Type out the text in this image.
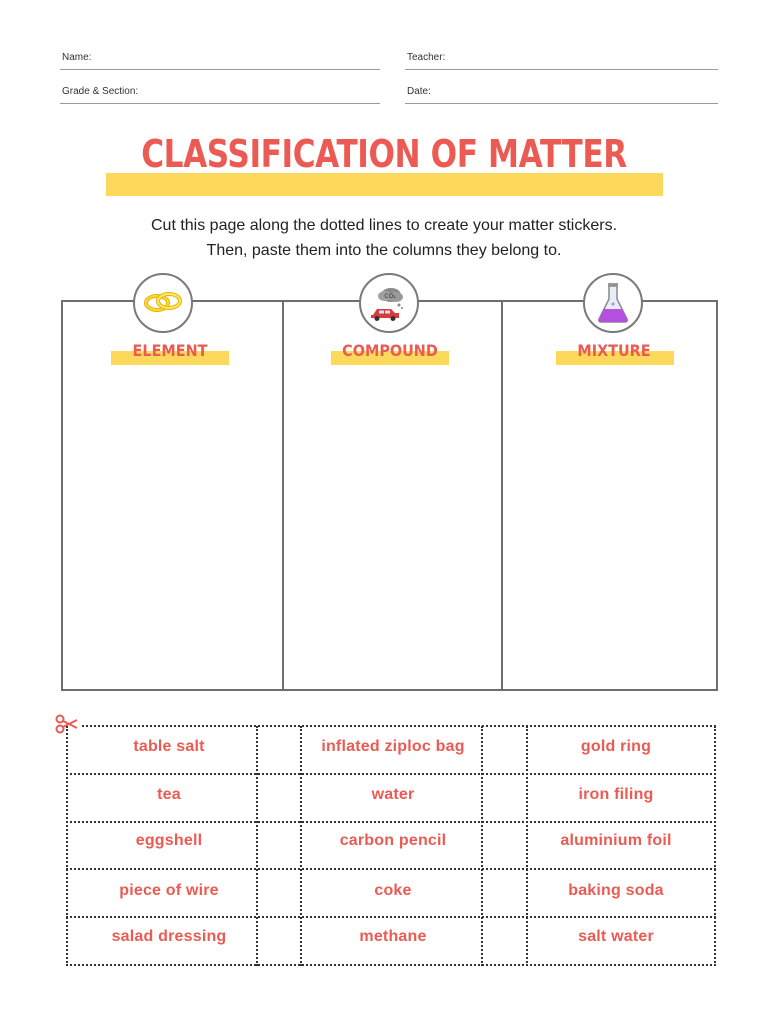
Name:	Teacher:
Grade & Section:	Date:
CLASSIFICATION OF MATTER
Cut this page along the dotted lines to create your matter stickers.
Then, paste them into the columns they belong to.
CO₂
ELEMENT	COMPOUND	MIXTURE
table salt	inflated ziploc bag	gold ring
tea	water	iron filing
eggshell	carbon pencil	aluminium foil
piece of wire	coke	baking soda
salad dressing	methane	salt water
